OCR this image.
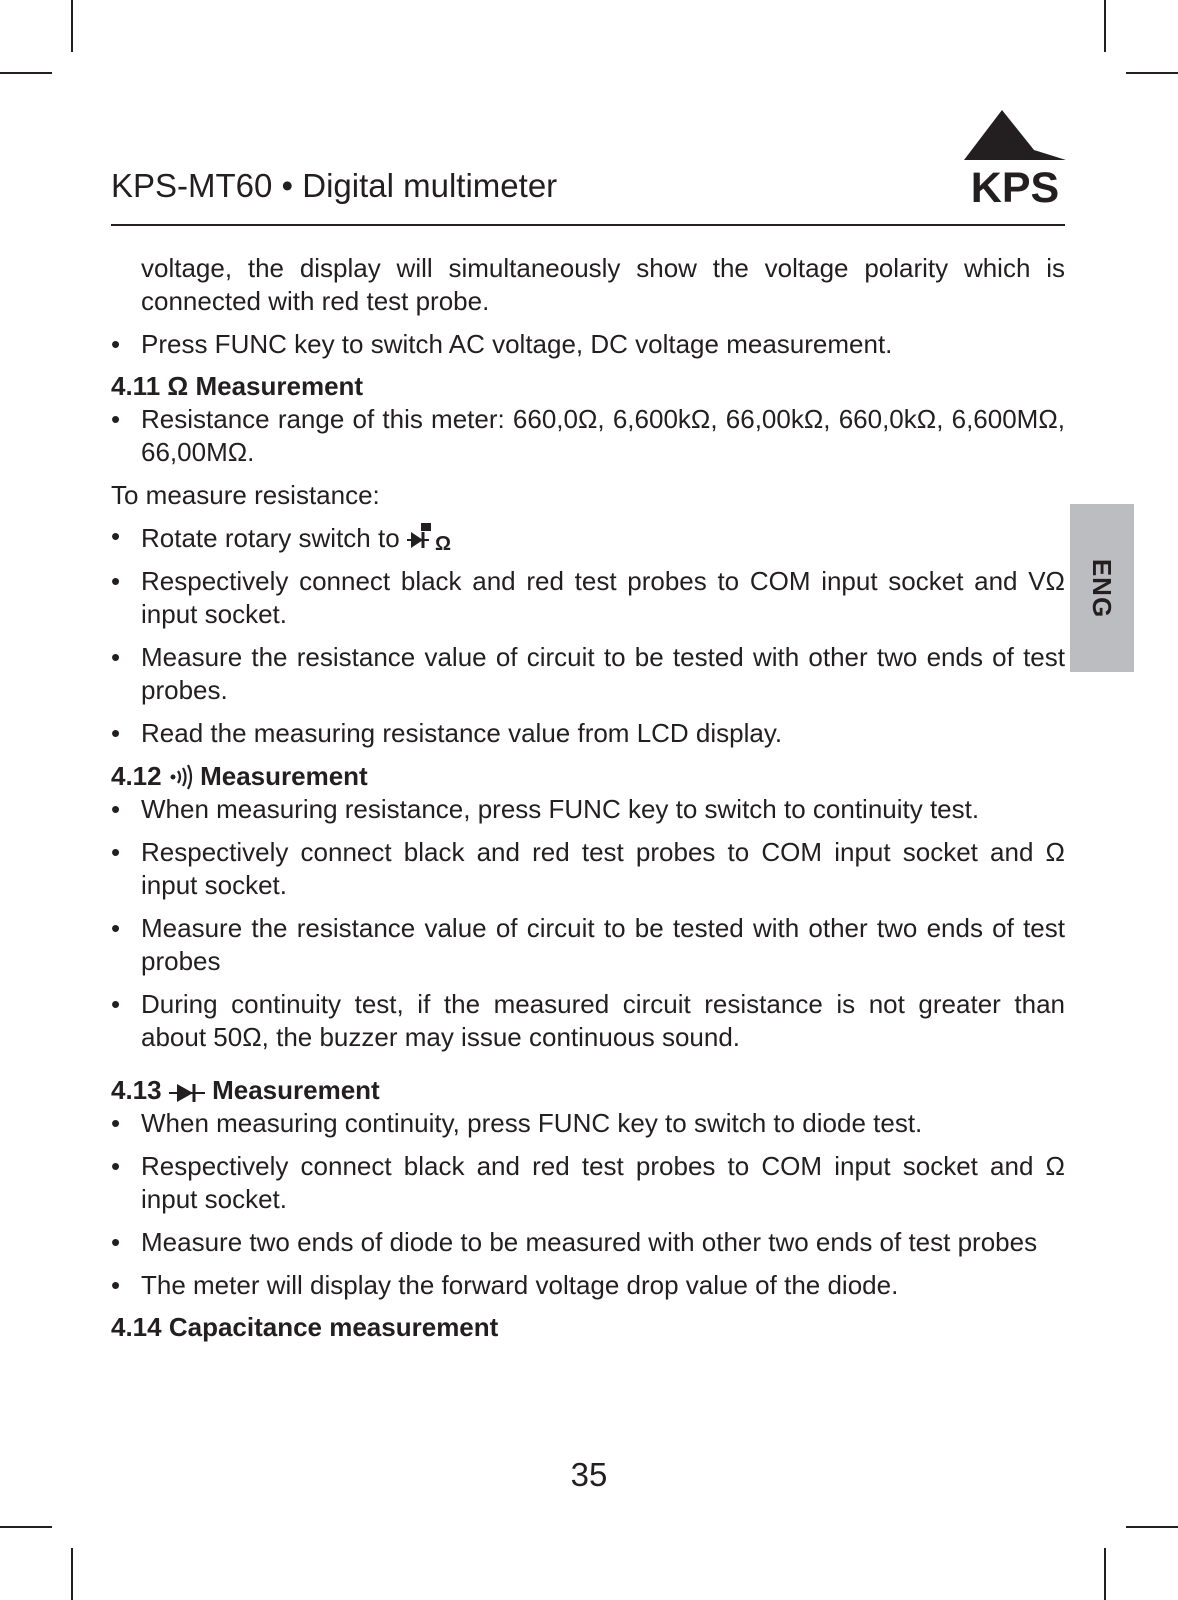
KPS-MT60 • Digital multimeter	KPS
ENG

voltage, the display will simultaneously show the voltage polarity which is connected with red test probe.

• Press FUNC key to switch AC voltage, DC voltage measurement.

4.11 Ω Measurement

• Resistance range of this meter: 660,0Ω, 6,600kΩ, 66,00kΩ, 660,0kΩ, 6,600MΩ, 66,00MΩ.

To measure resistance:

• Rotate rotary switch to Ω

• Respectively connect black and red test probes to COM input socket and VΩ input socket.

• Measure the resistance value of circuit to be tested with other two ends of test probes.

• Read the measuring resistance value from LCD display.

4.12 Measurement

• When measuring resistance, press FUNC key to switch to continuity test.

• Respectively connect black and red test probes to COM input socket and Ω input socket.

• Measure the resistance value of circuit to be tested with other two ends of test probes

• During continuity test, if the measured circuit resistance is not greater than about 50Ω, the buzzer may issue continuous sound.

4.13 Measurement

• When measuring continuity, press FUNC key to switch to diode test.

• Respectively connect black and red test probes to COM input socket and Ω input socket.

• Measure two ends of diode to be measured with other two ends of test probes

• The meter will display the forward voltage drop value of the diode.

4.14 Capacitance measurement

35
